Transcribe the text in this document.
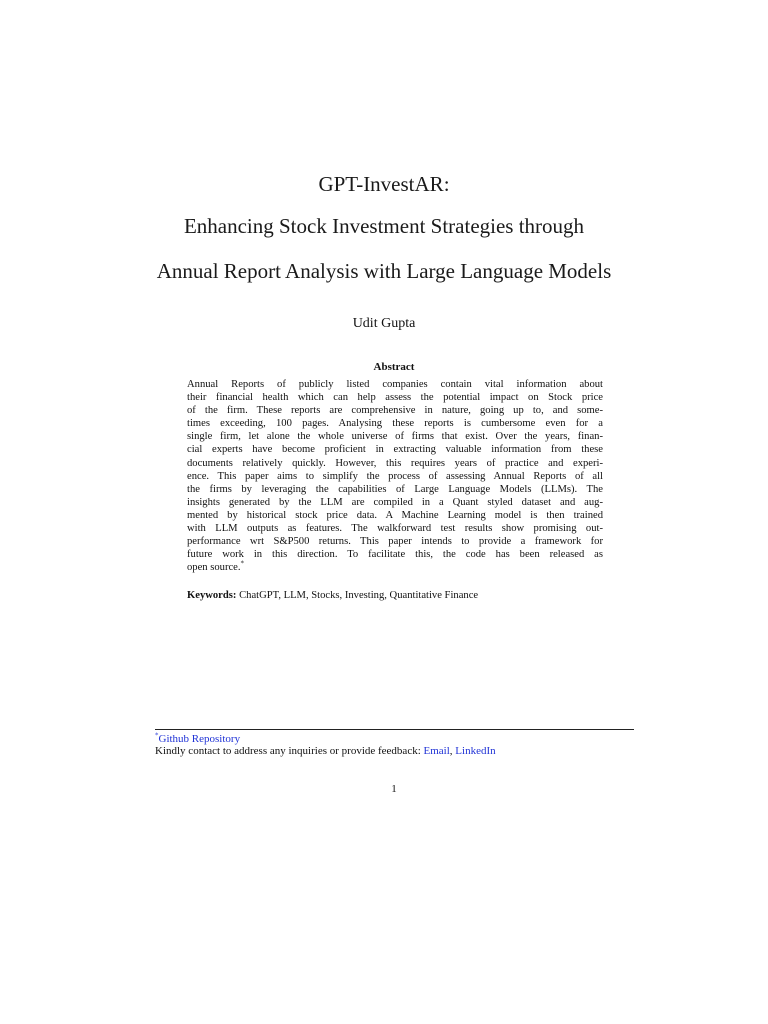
GPT-InvestAR:
Enhancing Stock Investment Strategies through
Annual Report Analysis with Large Language Models
Udit Gupta
Abstract
Annual Reports of publicly listed companies contain vital information about
their financial health which can help assess the potential impact on Stock price
of the firm. These reports are comprehensive in nature, going up to, and some-
times exceeding, 100 pages. Analysing these reports is cumbersome even for a
single firm, let alone the whole universe of firms that exist. Over the years, finan-
cial experts have become proficient in extracting valuable information from these
documents relatively quickly. However, this requires years of practice and experi-
ence. This paper aims to simplify the process of assessing Annual Reports of all
the firms by leveraging the capabilities of Large Language Models (LLMs). The
insights generated by the LLM are compiled in a Quant styled dataset and aug-
mented by historical stock price data. A Machine Learning model is then trained
with LLM outputs as features. The walkforward test results show promising out-
performance wrt S&P500 returns. This paper intends to provide a framework for
future work in this direction. To facilitate this, the code has been released as
open source.*
Keywords: ChatGPT, LLM, Stocks, Investing, Quantitative Finance
*Github Repository
Kindly contact to address any inquiries or provide feedback: Email, LinkedIn
1
